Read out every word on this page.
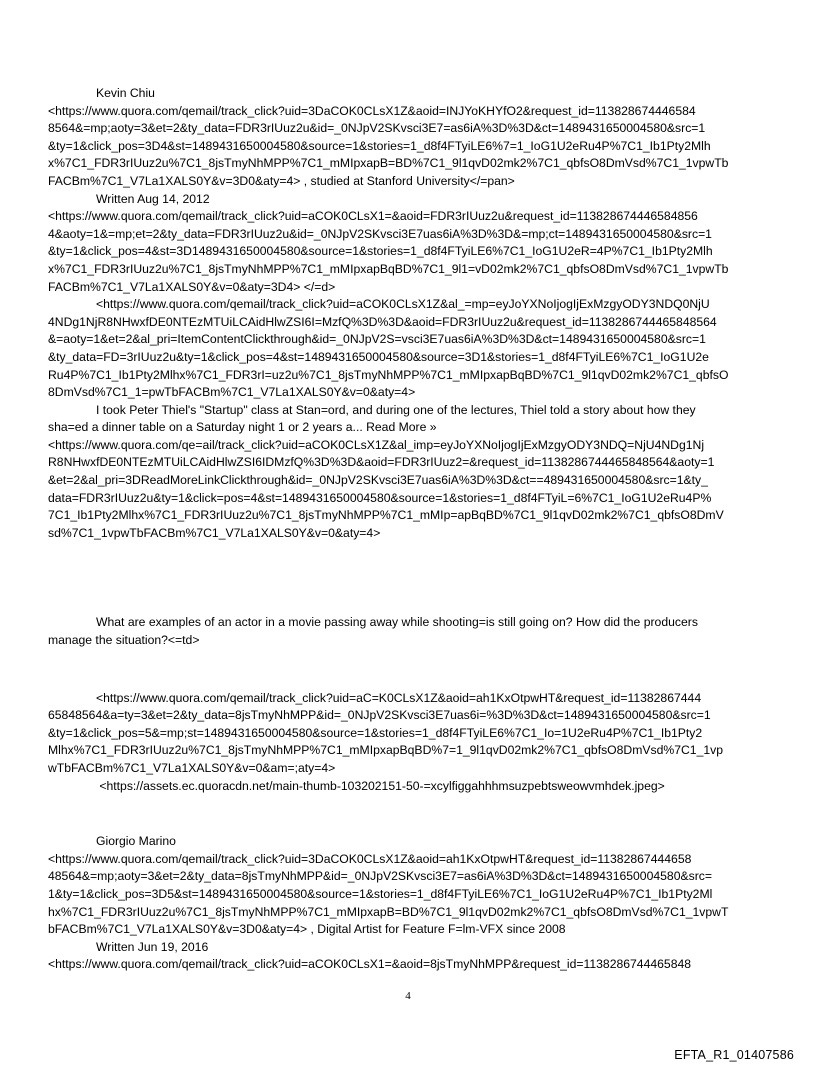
Kevin Chiu
<https://www.quora.com/qemail/track_click?uid=3DaCOK0CLsX1Z&aoid=INJYoKHYfO2&request_id=113828674446584
8564&=mp;aoty=3&et=2&ty_data=FDR3rIUuz2u&id=_0NJpV2SKvsci3E7=as6iA%3D%3D&ct=1489431650004580&src=1
&ty=1&click_pos=3D4&st=1489431650004580&source=1&stories=1_d8f4FTyiLE6%7=1_IoG1U2eRu4P%7C1_Ib1Pty2Mlh
x%7C1_FDR3rIUuz2u%7C1_8jsTmyNhMPP%7C1_mMIpxapB=BD%7C1_9l1qvD02mk2%7C1_qbfsO8DmVsd%7C1_1vpwTb
FACBm%7C1_V7La1XALS0Y&v=3D0&aty=4> , studied at Stanford University</=pan>
Written Aug 14, 2012
<https://www.quora.com/qemail/track_click?uid=aCOK0CLsX1=&aoid=FDR3rIUuz2u&request_id=113828674446584856
4&aoty=1&=mp;et=2&ty_data=FDR3rIUuz2u&id=_0NJpV2SKvsci3E7uas6iA%3D%3D&=mp;ct=1489431650004580&src=1
&ty=1&click_pos=4&st=3D1489431650004580&source=1&stories=1_d8f4FTyiLE6%7C1_IoG1U2eR=4P%7C1_Ib1Pty2Mlh
x%7C1_FDR3rIUuz2u%7C1_8jsTmyNhMPP%7C1_mMIpxapBqBD%7C1_9l1=vD02mk2%7C1_qbfsO8DmVsd%7C1_1vpwTb
FACBm%7C1_V7La1XALS0Y&v=0&aty=3D4> </=d>
<https://www.quora.com/qemail/track_click?uid=aCOK0CLsX1Z&al_=mp=eyJoYXNoIjogIjExMzgyODY3NDQ0NjU
4NDg1NjR8NHwxfDE0NTEzMTUiLCAidHlwZSI6I=MzfQ%3D%3D&aoid=FDR3rIUuz2u&request_id=1138286744465848564
&=aoty=1&et=2&al_pri=ItemContentClickthrough&id=_0NJpV2S=vsci3E7uas6iA%3D%3D&ct=1489431650004580&src=1
&ty_data=FD=3rIUuz2u&ty=1&click_pos=4&st=1489431650004580&source=3D1&stories=1_d8f4FTyiLE6%7C1_IoG1U2e
Ru4P%7C1_Ib1Pty2Mlhx%7C1_FDR3rI=uz2u%7C1_8jsTmyNhMPP%7C1_mMIpxapBqBD%7C1_9l1qvD02mk2%7C1_qbfsO
8DmVsd%7C1_1=pwTbFACBm%7C1_V7La1XALS0Y&v=0&aty=4>
I took Peter Thiel's "Startup" class at Stan=ord, and during one of the lectures, Thiel told a story about how they
sha=ed a dinner table on a Saturday night 1 or 2 years a... Read More »
<https://www.quora.com/qe=ail/track_click?uid=aCOK0CLsX1Z&al_imp=eyJoYXNoIjogIjExMzgyODY3NDQ=NjU4NDg1Nj
R8NHwxfDE0NTEzMTUiLCAidHlwZSI6IDMzfQ%3D%3D&aoid=FDR3rIUuz2=&request_id=1138286744465848564&aoty=1
&et=2&al_pri=3DReadMoreLinkClickthrough&id=_0NJpV2SKvsci3E7uas6iA%3D%3D&ct==489431650004580&src=1&ty_
data=FDR3rIUuz2u&ty=1&click=pos=4&st=1489431650004580&source=1&stories=1_d8f4FTyiL=6%7C1_IoG1U2eRu4P%
7C1_Ib1Pty2Mlhx%7C1_FDR3rIUuz2u%7C1_8jsTmyNhMPP%7C1_mMIp=apBqBD%7C1_9l1qvD02mk2%7C1_qbfsO8DmV
sd%7C1_1vpwTbFACBm%7C1_V7La1XALS0Y&v=0&aty=4>
What are examples of an actor in a movie passing away while shooting=is still going on? How did the producers
manage the situation?<=td>
<https://www.quora.com/qemail/track_click?uid=aC=K0CLsX1Z&aoid=ah1KxOtpwHT&request_id=11382867444
65848564&a=ty=3&et=2&ty_data=8jsTmyNhMPP&id=_0NJpV2SKvsci3E7uas6i=%3D%3D&ct=1489431650004580&src=1
&ty=1&click_pos=5&=mp;st=1489431650004580&source=1&stories=1_d8f4FTyiLE6%7C1_Io=1U2eRu4P%7C1_Ib1Pty2
Mlhx%7C1_FDR3rIUuz2u%7C1_8jsTmyNhMPP%7C1_mMIpxapBqBD%7=1_9l1qvD02mk2%7C1_qbfsO8DmVsd%7C1_1vp
wTbFACBm%7C1_V7La1XALS0Y&v=0&am=;aty=4>
<https://assets.ec.quoracdn.net/main-thumb-103202151-50-=xcylfiggahhhmsuzpebtsweowvmhdek.jpeg>
Giorgio Marino
<https://www.quora.com/qemail/track_click?uid=3DaCOK0CLsX1Z&aoid=ah1KxOtpwHT&request_id=11382867444658
48564&=mp;aoty=3&et=2&ty_data=8jsTmyNhMPP&id=_0NJpV2SKvsci3E7=as6iA%3D%3D&ct=1489431650004580&src=
1&ty=1&click_pos=3D5&st=1489431650004580&source=1&stories=1_d8f4FTyiLE6%7C1_IoG1U2eRu4P%7C1_Ib1Pty2Ml
hx%7C1_FDR3rIUuz2u%7C1_8jsTmyNhMPP%7C1_mMIpxapB=BD%7C1_9l1qvD02mk2%7C1_qbfsO8DmVsd%7C1_1vpwT
bFACBm%7C1_V7La1XALS0Y&v=3D0&aty=4> , Digital Artist for Feature F=lm-VFX since 2008
Written Jun 19, 2016
<https://www.quora.com/qemail/track_click?uid=aCOK0CLsX1=&aoid=8jsTmyNhMPP&request_id=1138286744465848
4
EFTA_R1_01407586
